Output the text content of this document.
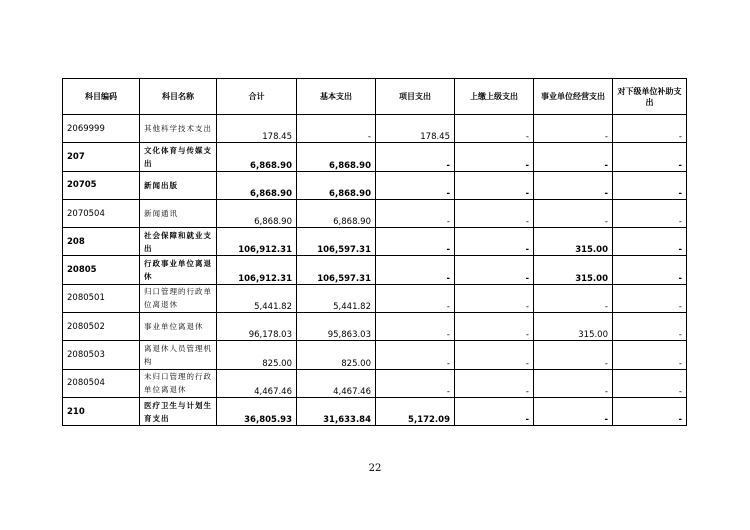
科目编码	科目名称	合计	基本支出	项目支出	上缴上级支出	事业单位经营支出	对下级单位补助支出
2069999	其他科学技术支出	178.45	-	178.45	-	-	-
207	文化体育与传媒支出	6,868.90	6,868.90	-	-	-	-
20705	新闻出版	6,868.90	6,868.90	-	-	-	-
2070504	新闻通讯	6,868.90	6,868.90	-	-	-	-
208	社会保障和就业支出	106,912.31	106,597.31	-	-	315.00	-
20805	行政事业单位离退休	106,912.31	106,597.31	-	-	315.00	-
2080501	归口管理的行政单位离退休	5,441.82	5,441.82	-	-	-	-
2080502	事业单位离退休	96,178.03	95,863.03	-	-	315.00	-
2080503	离退休人员管理机构	825.00	825.00	-	-	-	-
2080504	未归口管理的行政单位离退休	4,467.46	4,467.46	-	-	-	-
210	医疗卫生与计划生育支出	36,805.93	31,633.84	5,172.09	-	-	-
22
